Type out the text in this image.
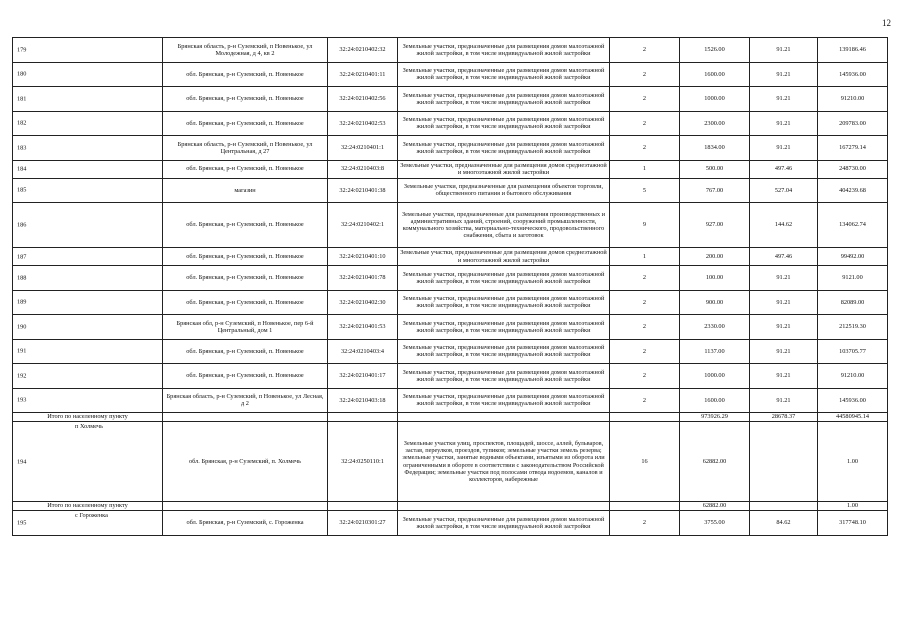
12
179	Брянская область, р-н Суземский, п Новенькое, ул Молодежная, д 4, кв 2	32:24:0210402:32	Земельные участки, предназначенные для размещения домов малоэтажной жилой застройки, в том числе индивидуальной жилой застройки	2	1526.00	91.21	139186.46

180	обл. Брянская, р-н Суземский, п. Новенькое	32:24:0210401:11	Земельные участки, предназначенные для размещения домов малоэтажной жилой застройки, в том числе индивидуальной жилой застройки	2	1600.00	91.21	145936.00

181	обл. Брянская, р-н Суземский, п. Новенькое	32:24:0210402:56	Земельные участки, предназначенные для размещения домов малоэтажной жилой застройки, в том числе индивидуальной жилой застройки	2	1000.00	91.21	91210.00

182	обл. Брянская, р-н Суземский, п. Новенькое	32:24:0210402:53	Земельные участки, предназначенные для размещения домов малоэтажной жилой застройки, в том числе индивидуальной жилой застройки	2	2300.00	91.21	209783.00

183	Брянская область, р-н Суземский, п Новенькое, ул Центральная, д 27	32:24:0210401:1	Земельные участки, предназначенные для размещения домов малоэтажной жилой застройки, в том числе индивидуальной жилой застройки	2	1834.00	91.21	167279.14

184	обл. Брянская, р-н Суземский, п. Новенькое	32:24:0210403:8	Земельные участки, предназначенные для размещения домов среднеэтажной и многоэтажной жилой застройки	1	500.00	497.46	248730.00

185	магазин	32:24:0210401:38	Земельные участки, предназначенные для размещения объектов торговли, общественного питания и бытового обслуживания	5	767.00	527.04	404239.68

186	обл. Брянская, р-н Суземский, п. Новенькое	32:24:0210402:1	Земельные участки, предназначенные для размещения производственных и административных зданий, строений, сооружений промышленности, коммунального хозяйства, материально-технического, продовольственного снабжения, сбыта и заготовок	9	927.00	144.62	134062.74

187	обл. Брянская, р-н Суземский, п. Новенькое	32:24:0210401:10	Земельные участки, предназначенные для размещения домов среднеэтажной и многоэтажной жилой застройки	1	200.00	497.46	99492.00

188	обл. Брянская, р-н Суземский, п. Новенькое	32:24:0210401:78	Земельные участки, предназначенные для размещения домов малоэтажной жилой застройки, в том числе индивидуальной жилой застройки	2	100.00	91.21	9121.00

189	обл. Брянская, р-н Суземский, п. Новенькое	32:24:0210402:30	Земельные участки, предназначенные для размещения домов малоэтажной жилой застройки, в том числе индивидуальной жилой застройки	2	900.00	91.21	82089.00

190	Брянская обл, р-н Суземский, п Новенькое, пер 6-й Центральный, дом 1	32:24:0210401:53	Земельные участки, предназначенные для размещения домов малоэтажной жилой застройки, в том числе индивидуальной жилой застройки	2	2330.00	91.21	212519.30

191	обл. Брянская, р-н Суземский, п. Новенькое	32:24:0210403:4	Земельные участки, предназначенные для размещения домов малоэтажной жилой застройки, в том числе индивидуальной жилой застройки	2	1137.00	91.21	103705.77

192	обл. Брянская, р-н Суземский, п. Новенькое	32:24:0210401:17	Земельные участки, предназначенные для размещения домов малоэтажной жилой застройки, в том числе индивидуальной жилой застройки	2	1000.00	91.21	91210.00

193	Брянская область, р-н Суземский, п Новенькое, ул Лесная, д 2	32:24:0210403:18	Земельные участки, предназначенные для размещения домов малоэтажной жилой застройки, в том числе индивидуальной жилой застройки	2	1600.00	91.21	145936.00
Итого по населенному пункту					973926.29	28678.37	44580945.14

п Холмечь
194	обл. Брянская, р-н Суземский, п. Холмечь	32:24:0250110:1	Земельные участки улиц, проспектов, площадей, шоссе, аллей, бульваров, застав, переулков, проездов, тупиков; земельные участки земель резерва; земельные участки, занятые водными объектами, изъятыми из оборота или ограниченными в обороте в соответствии с законодательством Российской Федерации; земельные участки под полосами отвода водоемов, каналов и коллекторов, набережные	16	62882.00		1.00
Итого по населенному пункту					62882.00		1.00

с Гороженка
195	обл. Брянская, р-н Суземский, с. Гороженка	32:24:0210301:27	Земельные участки, предназначенные для размещения домов малоэтажной жилой застройки, в том числе индивидуальной жилой застройки	2	3755.00	84.62	317748.10
